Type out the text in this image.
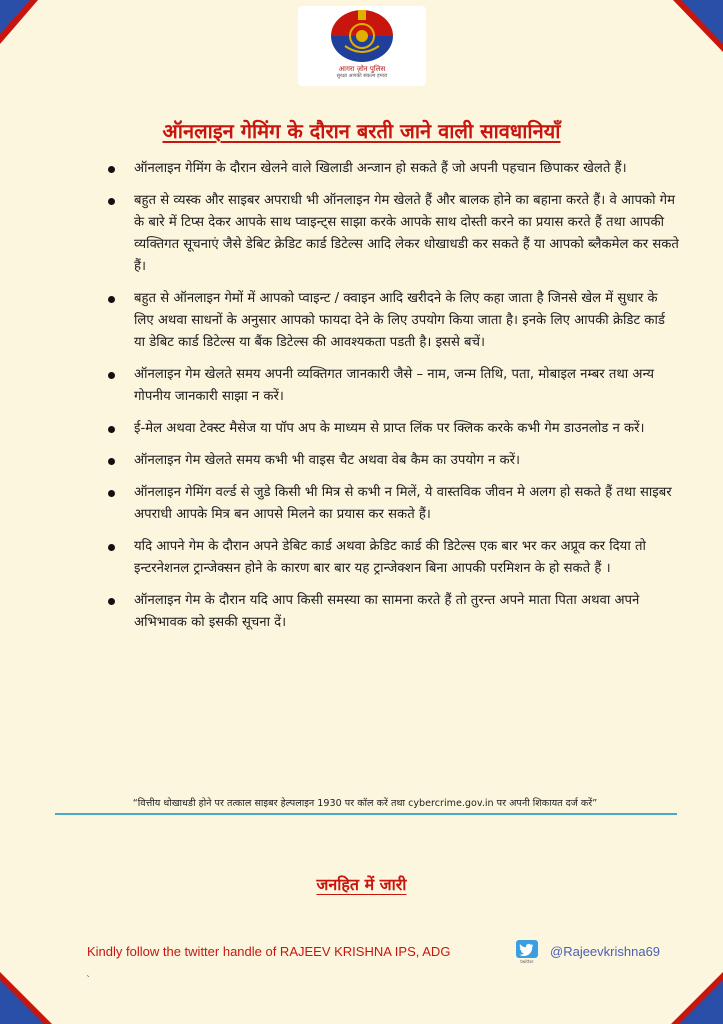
आगरा ज़ोन पुलिस
सुरक्षा आपकी संकल्प हमारा
ऑनलाइन गेमिंग के दौरान बरती जाने वाली सावधानियाँ
ऑनलाइन गेमिंग के दौरान खेलने वाले खिलाडी अन्जान हो सकते हैं जो अपनी पहचान छिपाकर खेलते हैं।
बहुत से व्यस्क और साइबर अपराधी भी ऑनलाइन गेम खेलते हैं और बालक होने का बहाना करते हैं। वे आपको गेम के बारे में टिप्स देकर आपके साथ प्वाइन्ट्स साझा करके आपके साथ दोस्ती करने का प्रयास करते हैं तथा आपकी व्यक्तिगत सूचनाएं जैसे डेबिट क्रेडिट कार्ड डिटेल्स आदि लेकर धोखाधडी कर सकते हैं या आपको ब्लैकमेल कर सकते हैं।
बहुत से ऑनलाइन गेमों में आपको प्वाइन्ट / क्वाइन आदि खरीदने के लिए कहा जाता है जिनसे खेल में सुधार के लिए अथवा साधनों के अनुसार आपको फायदा देने के लिए उपयोग किया जाता है। इनके लिए आपकी क्रेडिट कार्ड या डेबिट कार्ड डिटेल्स या बैंक डिटेल्स की आवश्यकता पडती है। इससे बचें।
ऑनलाइन गेम खेलते समय अपनी व्यक्तिगत जानकारी जैसे – नाम, जन्म तिथि, पता, मोबाइल नम्बर तथा अन्य गोपनीय जानकारी साझा न करें।
ई-मेल अथवा टेक्स्ट मैसेज या पॉप अप के माध्यम से प्राप्त लिंक पर क्लिक करके कभी गेम डाउनलोड न करें।
ऑनलाइन गेम खेलते समय कभी भी वाइस चैट अथवा वेब कैम का उपयोग न करें।
ऑनलाइन गेमिंग वर्ल्ड से जुडे किसी भी मित्र से कभी न मिलें, ये वास्तविक जीवन मे अलग हो सकते हैं तथा साइबर अपराधी आपके मित्र बन आपसे मिलने का प्रयास कर सकते हैं।
यदि आपने गेम के दौरान अपने डेबिट कार्ड अथवा क्रेडिट कार्ड की डिटेल्स एक बार भर कर अप्रूव कर दिया तो इन्टरनेशनल ट्रान्जेक्सन होने के कारण बार बार यह ट्रान्जेक्शन बिना आपकी परमिशन के हो सकते हैं ।
ऑनलाइन गेम के दौरान यदि आप किसी समस्या का सामना करते हैं तो तुरन्त अपने माता पिता अथवा अपने अभिभावक को इसकी सूचना दें।
“वित्तीय धोखाधडी होने पर तत्काल साइबर हेल्पलाइन 1930 पर कॉल करें तथा cybercrime.gov.in पर अपनी शिकायत दर्ज करें”
जनहित में जारी
Kindly follow the twitter handle of RAJEEV KRISHNA IPS, ADG
twitter
@Rajeevkrishna69
`
